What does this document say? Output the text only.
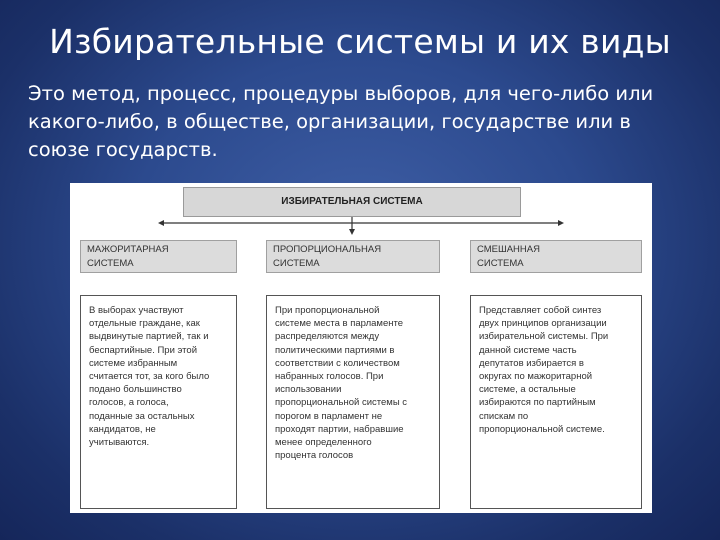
Избирательные системы и их виды
Это метод, процесс, процедуры выборов, для чего-либо или какого-либо, в обществе, организации, государстве или в союзе государств.
ИЗБИРАТЕЛЬНАЯ СИСТЕМА
МАЖОРИТАРНАЯ
СИСТЕМА
ПРОПОРЦИОНАЛЬНАЯ
СИСТЕМА
СМЕШАННАЯ
СИСТЕМА
В выборах участвуют
отдельные граждане, как
выдвинутые партией, так и
беспартийные. При этой
системе избранным
считается тот, за кого было
подано большинство
голосов, а голоса,
поданные за остальных
кандидатов, не
учитываются.
При пропорциональной
системе места в парламенте
распределяются между
политическими партиями в
соответствии с количеством
набранных голосов. При
использовании
пропорциональной системы с
порогом в парламент не
проходят партии, набравшие
менее определенного
процента голосов
Представляет собой синтез
двух принципов организации
избирательной системы. При
данной системе часть
депутатов избирается в
округах по мажоритарной
системе, а остальные
избираются по партийным
спискам по
пропорциональной системе.
